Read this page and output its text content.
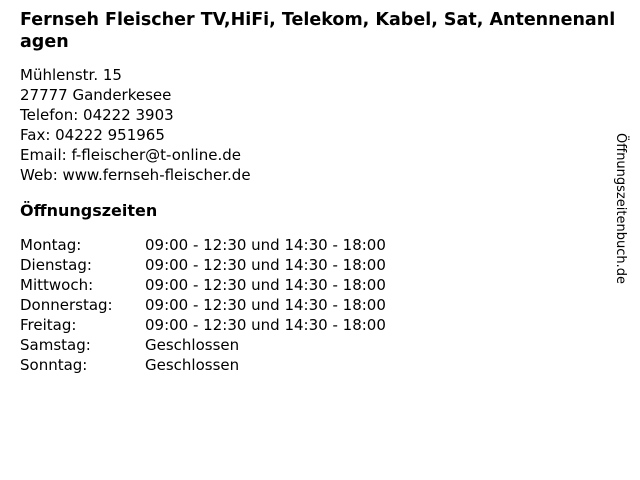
Fernseh Fleischer TV,HiFi, Telekom, Kabel, Sat, Antennenanlagen
Mühlenstr. 15
27777 Ganderkesee
Telefon: 04222 3903
Fax: 04222 951965
Email: f-fleischer@t-online.de
Web: www.fernseh-fleischer.de
Öffnungszeiten
Montag:	09:00 - 12:30 und 14:30 - 18:00
Dienstag:	09:00 - 12:30 und 14:30 - 18:00
Mittwoch:	09:00 - 12:30 und 14:30 - 18:00
Donnerstag:	09:00 - 12:30 und 14:30 - 18:00
Freitag:	09:00 - 12:30 und 14:30 - 18:00
Samstag:	Geschlossen
Sonntag:	Geschlossen
Öffnungszeitenbuch.de
